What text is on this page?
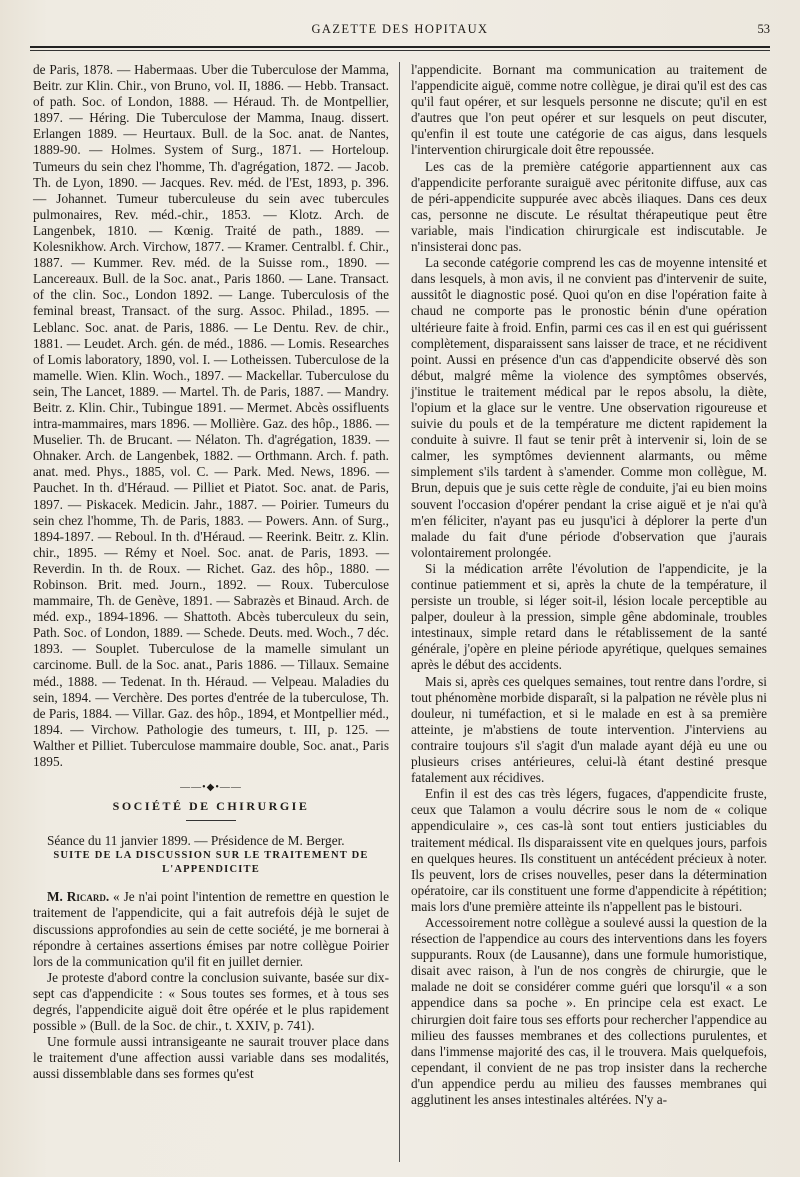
GAZETTE DES HOPITAUX	53

de Paris, 1878. — Habermaas. Uber die Tuberculose der Mamma, Beitr. zur Klin. Chir., von Bruno, vol. II, 1886. — Hebb. Transact. of path. Soc. of London, 1888. — Héraud. Th. de Montpellier, 1897. — Héring. Die Tuberculose der Mamma, Inaug. dissert. Erlangen 1889. — Heurtaux. Bull. de la Soc. anat. de Nantes, 1889-90. — Holmes. System of Surg., 1871. — Horteloup. Tumeurs du sein chez l'homme, Th. d'agrégation, 1872. — Jacob. Th. de Lyon, 1890. — Jacques. Rev. méd. de l'Est, 1893, p. 396. — Johannet. Tumeur tuberculeuse du sein avec tubercules pulmonaires, Rev. méd.-chir., 1853. — Klotz. Arch. de Langenbek, 1810. — Kœnig. Traité de path., 1889. — Kolesnikhow. Arch. Virchow, 1877. — Kramer. Centralbl. f. Chir., 1887. — Kummer. Rev. méd. de la Suisse rom., 1890. — Lancereaux. Bull. de la Soc. anat., Paris 1860. — Lane. Transact. of the clin. Soc., London 1892. — Lange. Tuberculosis of the feminal breast, Transact. of the surg. Assoc. Philad., 1895. — Leblanc. Soc. anat. de Paris, 1886. — Le Dentu. Rev. de chir., 1881. — Leudet. Arch. gén. de méd., 1886. — Lomis. Researches of Lomis laboratory, 1890, vol. I. — Lotheissen. Tuberculose de la mamelle. Wien. Klin. Woch., 1897. — Mackellar. Tuberculose du sein, The Lancet, 1889. — Martel. Th. de Paris, 1887. — Mandry. Beitr. z. Klin. Chir., Tubingue 1891. — Mermet. Abcès ossifluents intra-mammaires, mars 1896. — Mollière. Gaz. des hôp., 1886. — Muselier. Th. de Brucant. — Nélaton. Th. d'agrégation, 1839. — Ohnaker. Arch. de Langenbek, 1882. — Orthmann. Arch. f. path. anat. med. Phys., 1885, vol. C. — Park. Med. News, 1896. — Pauchet. In th. d'Héraud. — Pilliet et Piatot. Soc. anat. de Paris, 1897. — Piskacek. Medicin. Jahr., 1887. — Poirier. Tumeurs du sein chez l'homme, Th. de Paris, 1883. — Powers. Ann. of Surg., 1894-1897. — Reboul. In th. d'Héraud. — Reerink. Beitr. z. Klin. chir., 1895. — Rémy et Noel. Soc. anat. de Paris, 1893. — Reverdin. In th. de Roux. — Richet. Gaz. des hôp., 1880. — Robinson. Brit. med. Journ., 1892. — Roux. Tuberculose mammaire, Th. de Genève, 1891. — Sabrazès et Binaud. Arch. de méd. exp., 1894-1896. — Shattoth. Abcès tuberculeux du sein, Path. Soc. of London, 1889. — Schede. Deuts. med. Woch., 7 déc. 1893. — Souplet. Tuberculose de la mamelle simulant un carcinome. Bull. de la Soc. anat., Paris 1886. — Tillaux. Semaine méd., 1888. — Tedenat. In th. Héraud. — Velpeau. Maladies du sein, 1894. — Verchère. Des portes d'entrée de la tuberculose, Th. de Paris, 1884. — Villar. Gaz. des hôp., 1894, et Montpellier méd., 1894. — Virchow. Pathologie des tumeurs, t. III, p. 125. — Walther et Pilliet. Tuberculose mammaire double, Soc. anat., Paris 1895.

——•◆•——
SOCIÉTÉ DE CHIRURGIE

Séance du 11 janvier 1899. — Présidence de M. Berger.

SUITE DE LA DISCUSSION SUR LE TRAITEMENT DE L'APPENDICITE

M. Ricard. « Je n'ai point l'intention de remettre en question le traitement de l'appendicite, qui a fait autrefois déjà le sujet de discussions approfondies au sein de cette société, je me bornerai à répondre à certaines assertions émises par notre collègue Poirier lors de la communication qu'il fit en juillet dernier.

Je proteste d'abord contre la conclusion suivante, basée sur dix-sept cas d'appendicite : « Sous toutes ses formes, et à tous ses degrés, l'appendicite aiguë doit être opérée et le plus rapidement possible » (Bull. de la Soc. de chir., t. XXIV, p. 741).

Une formule aussi intransigeante ne saurait trouver place dans le traitement d'une affection aussi variable dans ses modalités, aussi dissemblable dans ses formes qu'est

l'appendicite. Bornant ma communication au traitement de l'appendicite aiguë, comme notre collègue, je dirai qu'il est des cas qu'il faut opérer, et sur lesquels personne ne discute; qu'il en est d'autres que l'on peut opérer et sur lesquels on peut discuter, qu'enfin il est toute une catégorie de cas aigus, dans lesquels l'intervention chirurgicale doit être repoussée.

Les cas de la première catégorie appartiennent aux cas d'appendicite perforante suraiguë avec péritonite diffuse, aux cas de péri-appendicite suppurée avec abcès iliaques. Dans ces deux cas, personne ne discute. Le résultat thérapeutique peut être variable, mais l'indication chirurgicale est indiscutable. Je n'insisterai donc pas.

La seconde catégorie comprend les cas de moyenne intensité et dans lesquels, à mon avis, il ne convient pas d'intervenir de suite, aussitôt le diagnostic posé. Quoi qu'on en dise l'opération faite à chaud ne comporte pas le pronostic bénin d'une opération ultérieure faite à froid. Enfin, parmi ces cas il en est qui guérissent complètement, disparaissent sans laisser de trace, et ne récidivent point. Aussi en présence d'un cas d'appendicite observé dès son début, malgré même la violence des symptômes observés, j'institue le traitement médical par le repos absolu, la diète, l'opium et la glace sur le ventre. Une observation rigoureuse et suivie du pouls et de la température me dictent rapidement la conduite à suivre. Il faut se tenir prêt à intervenir si, loin de se calmer, les symptômes deviennent alarmants, ou même simplement s'ils tardent à s'amender. Comme mon collègue, M. Brun, depuis que je suis cette règle de conduite, j'ai eu bien moins souvent l'occasion d'opérer pendant la crise aiguë et je n'ai qu'à m'en féliciter, n'ayant pas eu jusqu'ici à déplorer la perte d'un malade du fait d'une période d'observation que j'aurais volontairement prolongée.

Si la médication arrête l'évolution de l'appendicite, je la continue patiemment et si, après la chute de la température, il persiste un trouble, si léger soit-il, lésion locale perceptible au palper, douleur à la pression, simple gêne abdominale, troubles intestinaux, simple retard dans le rétablissement de la santé générale, j'opère en pleine période apyrétique, quelques semaines après le début des accidents.

Mais si, après ces quelques semaines, tout rentre dans l'ordre, si tout phénomène morbide disparaît, si la palpation ne révèle plus ni douleur, ni tuméfaction, et si le malade en est à sa première atteinte, je m'abstiens de toute intervention. J'interviens au contraire toujours s'il s'agit d'un malade ayant déjà eu une ou plusieurs crises antérieures, celui-là étant destiné presque fatalement aux récidives.

Enfin il est des cas très légers, fugaces, d'appendicite fruste, ceux que Talamon a voulu décrire sous le nom de « colique appendiculaire », ces cas-là sont tout entiers justiciables du traitement médical. Ils disparaissent vite en quelques jours, parfois en quelques heures. Ils constituent un antécédent précieux à noter. Ils peuvent, lors de crises nouvelles, peser dans la détermination opératoire, car ils constituent une forme d'appendicite à répétition; mais lors d'une première atteinte ils n'appellent pas le bistouri.

Accessoirement notre collègue a soulevé aussi la question de la résection de l'appendice au cours des interventions dans les foyers suppurants. Roux (de Lausanne), dans une formule humoristique, disait avec raison, à l'un de nos congrès de chirurgie, que le malade ne doit se considérer comme guéri que lorsqu'il « a son appendice dans sa poche ». En principe cela est exact. Le chirurgien doit faire tous ses efforts pour rechercher l'appendice au milieu des fausses membranes et des collections purulentes, et dans l'immense majorité des cas, il le trouvera. Mais quelquefois, cependant, il convient de ne pas trop insister dans la recherche d'un appendice perdu au milieu des fausses membranes qui agglutinent les anses intestinales altérées. N'y a-
